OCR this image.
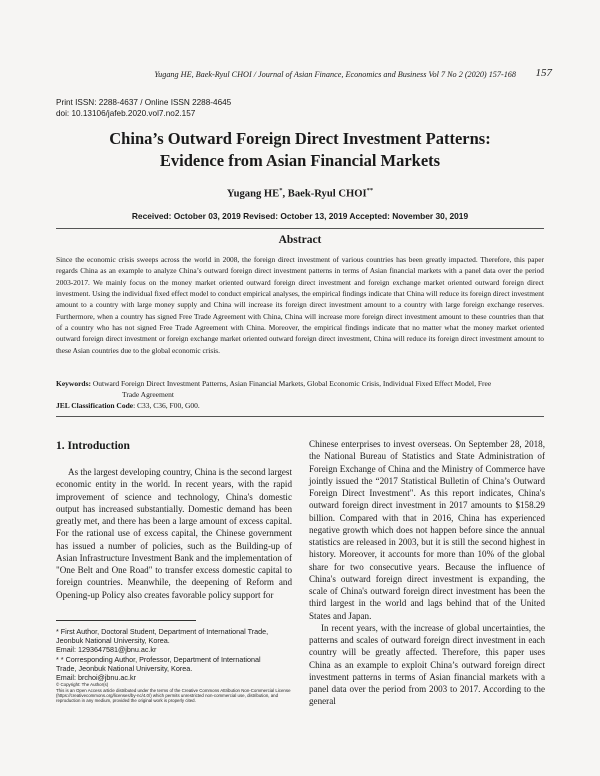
Yugang HE, Baek-Ryul CHOI / Journal of Asian Finance, Economics and Business Vol 7 No 2 (2020) 157-168 157
Print ISSN: 2288-4637 / Online ISSN 2288-4645
doi: 10.13106/jafeb.2020.vol7.no2.157
China’s Outward Foreign Direct Investment Patterns:
Evidence from Asian Financial Markets
Yugang HE*, Baek-Ryul CHOI**
Received: October 03, 2019 Revised: October 13, 2019 Accepted: November 30, 2019
Abstract

Since the economic crisis sweeps across the world in 2008, the foreign direct investment of various countries has been greatly impacted. Therefore, this paper regards China as an example to analyze China’s outward foreign direct investment patterns in terms of Asian financial markets with a panel data over the period 2003-2017. We mainly focus on the money market oriented outward foreign direct investment and foreign exchange market oriented outward foreign direct investment. Using the individual fixed effect model to conduct empirical analyses, the empirical findings indicate that China will reduce its foreign direct investment amount to a country with large money supply and China will increase its foreign direct investment amount to a country with large foreign exchange reserves. Furthermore, when a country has signed Free Trade Agreement with China, China will increase more foreign direct investment amount to these countries than that of a country who has not signed Free Trade Agreement with China. Moreover, the empirical findings indicate that no matter what the money market oriented outward foreign direct investment or foreign exchange market oriented outward foreign direct investment, China will reduce its foreign direct investment amount to these Asian countries due to the global economic crisis.

Keywords: Outward Foreign Direct Investment Patterns, Asian Financial Markets, Global Economic Crisis, Individual Fixed Effect Model, Free
Trade Agreement
JEL Classification Code: C33, C36, F00, G00.
1. Introduction

As the largest developing country, China is the second largest economic entity in the world. In recent years, with the rapid improvement of science and technology, China's domestic output has increased substantially. Domestic demand has been greatly met, and there has been a large amount of excess capital. For the rational use of excess capital, the Chinese government has issued a number of policies, such as the Building-up of Asian Infrastructure Investment Bank and the implementation of "One Belt and One Road" to transfer excess domestic capital to foreign countries. Meanwhile, the deepening of Reform and Opening-up Policy also creates favorable policy support for

Chinese enterprises to invest overseas. On September 28, 2018, the National Bureau of Statistics and State Administration of Foreign Exchange of China and the Ministry of Commerce have jointly issued the “2017 Statistical Bulletin of China’s Outward Foreign Direct Investment". As this report indicates, China's outward foreign direct investment in 2017 amounts to $158.29 billion. Compared with that in 2016, China has experienced negative growth which does not happen before since the annual statistics are released in 2003, but it is still the second highest in history. Moreover, it accounts for more than 10% of the global share for two consecutive years. Because the influence of China's outward foreign direct investment is expanding, the scale of China's outward foreign direct investment has been the third largest in the world and lags behind that of the United States and Japan.

In recent years, with the increase of global uncertainties, the patterns and scales of outward foreign direct investment in each country will be greatly affected. Therefore, this paper uses China as an example to exploit China’s outward foreign direct investment patterns in terms of Asian financial markets with a panel data over the period from 2003 to 2017. According to the general

* First Author, Doctoral Student, Department of International Trade,

Jeonbuk National University, Korea.

Email: 1293647581@jbnu.ac.kr

* * Corresponding Author, Professor, Department of International

Trade, Jeonbuk National University, Korea.

Email: brchoi@jbnu.ac.kr

© Copyright: The Author(s)

This is an Open Access article distributed under the terms of the Creative Commons Attribution Non-Commercial License (https://creativecommons.org/licenses/by-nc/4.0/) which permits unrestricted non-commercial use, distribution, and reproduction in any medium, provided the original work is properly cited.
